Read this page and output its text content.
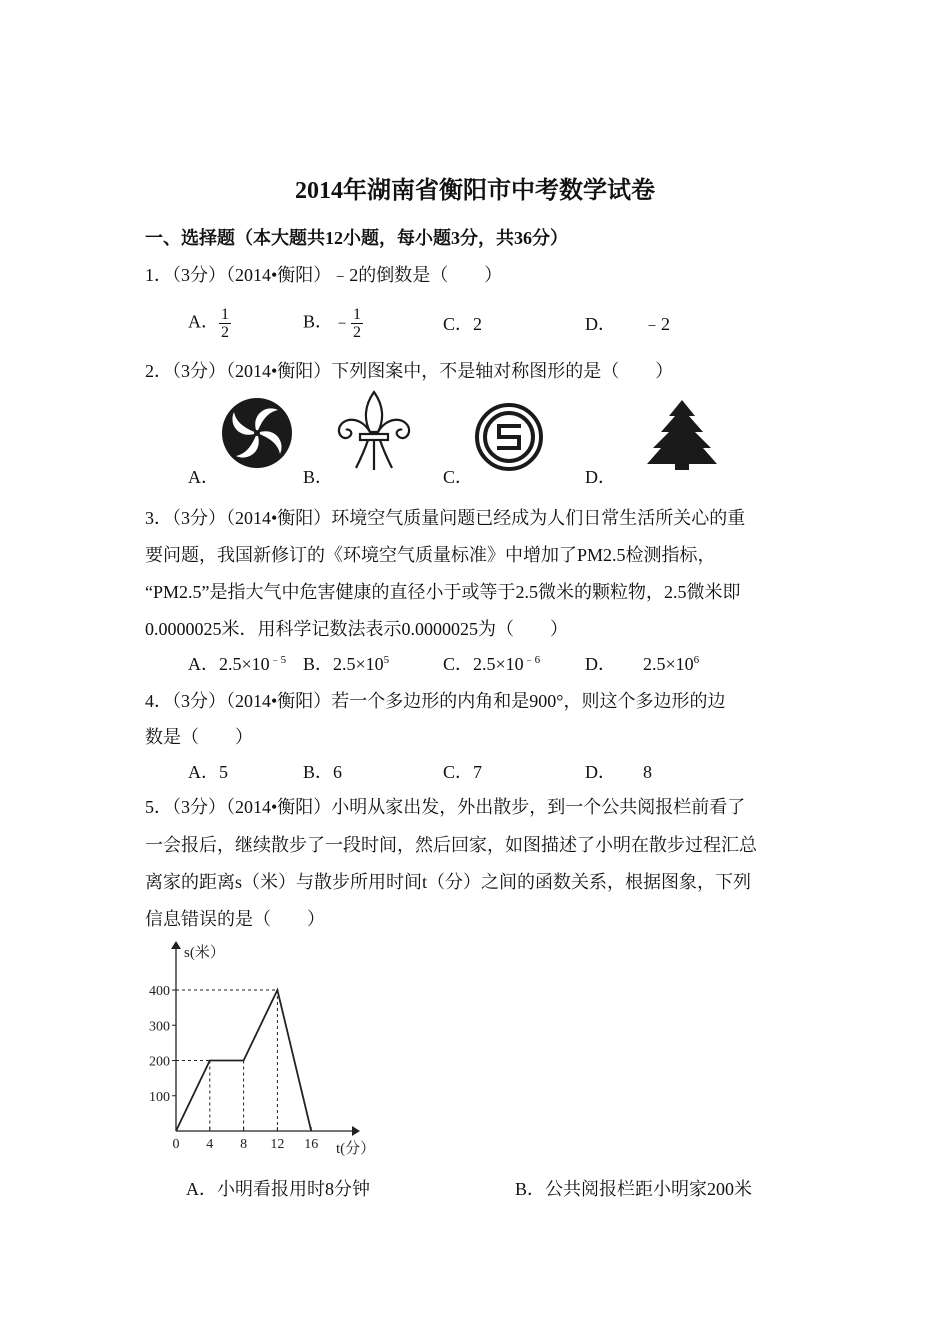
2014年湖南省衡阳市中考数学试卷
一、选择题（本大题共12小题，每小题3分，共36分）
1．（3分）（2014•衡阳）﹣2的倒数是（　　）
A． $\frac{1}{2}$	B．﹣ $\frac{1}{2}$	C．2	D．　　﹣2
2．（3分）（2014•衡阳）下列图案中，不是轴对称图形的是（　　）
A．	B．	C．	D．
3．（3分）（2014•衡阳）环境空气质量问题已经成为人们日常生活所关心的重
要问题，我国新修订的《环境空气质量标准》中增加了PM2.5检测指标，
“PM2.5”是指大气中危害健康的直径小于或等于2.5微米的颗粒物，2.5微米即
0.0000025米．用科学记数法表示0.0000025为（　　）
A．$2.5\times 10^{﹣5}$ B．$2.5\times 10^5$	C．$2.5\times 10^{﹣6}$ D．　　$2.5\times 10^6$
4．（3分）（2014•衡阳）若一个多边形的内角和是900°，则这个多边形的边
数是（　　）
A．5	B．6	C．7	D．　　8
5．（3分）（2014•衡阳）小明从家出发，外出散步，到一个公共阅报栏前看了
一会报后，继续散步了一段时间，然后回家，如图描述了小明在散步过程汇总
离家的距离s（米）与散步所用时间t（分）之间的函数关系，根据图象，下列
信息错误的是（　　）
s(米）
t(分）
100
200
300
400
0 4 8 12 16
A．小明看报用时8分钟	B．公共阅报栏距小明家200米
